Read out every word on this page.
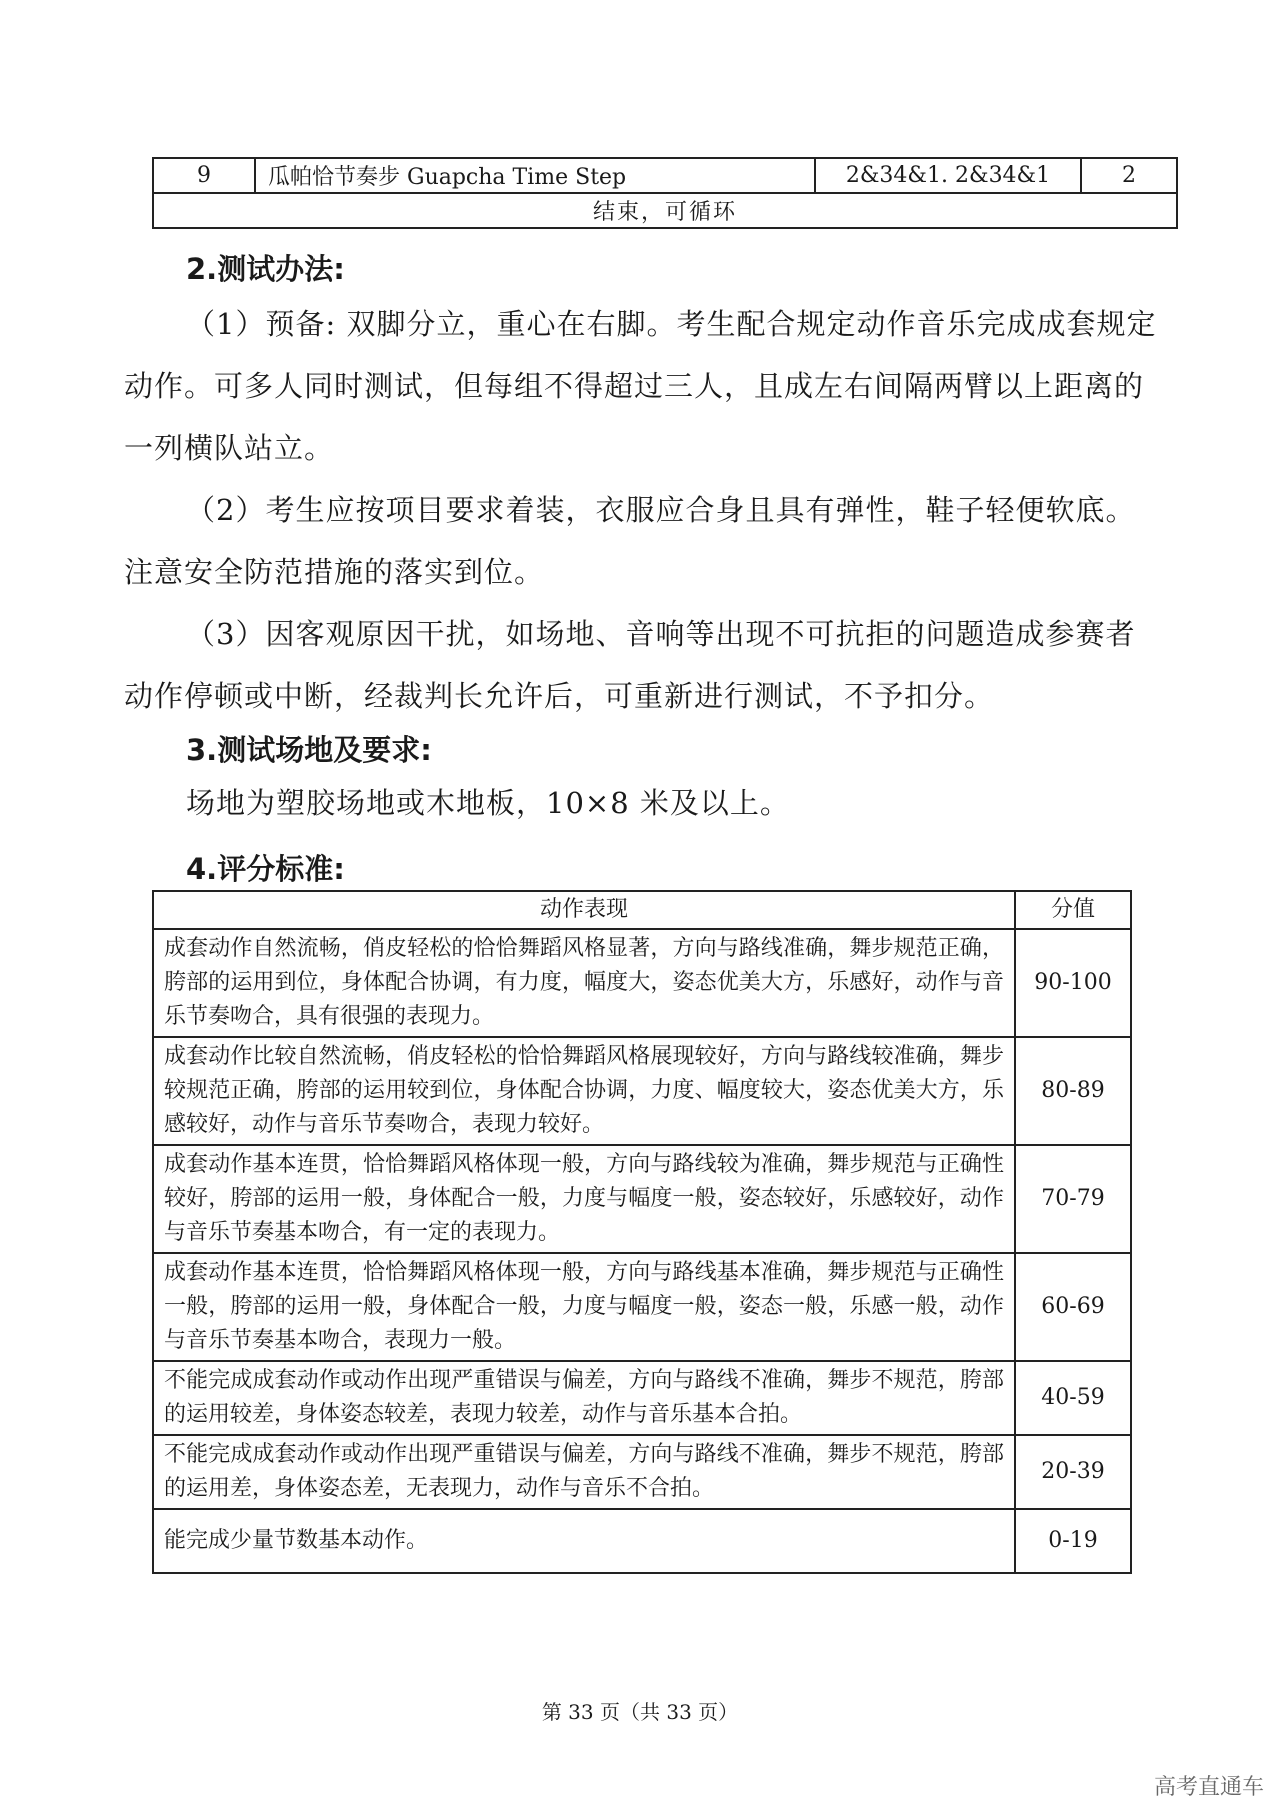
9	瓜帕恰节奏步 Guapcha Time Step	2&34&1. 2&34&1	2
结束，可循环
2.测试办法:
（1）预备: 双脚分立，重心在右脚。考生配合规定动作音乐完成成套规定动作。可多人同时测试，但每组不得超过三人，且成左右间隔两臂以上距离的一列横队站立。
（2）考生应按项目要求着装，衣服应合身且具有弹性，鞋子轻便软底。注意安全防范措施的落实到位。
（3）因客观原因干扰，如场地、音响等出现不可抗拒的问题造成参赛者动作停顿或中断，经裁判长允许后，可重新进行测试，不予扣分。
3.测试场地及要求:
场地为塑胶场地或木地板，10×8 米及以上。
4.评分标准:
动作表现	分值
成套动作自然流畅，俏皮轻松的恰恰舞蹈风格显著，方向与路线准确，舞步规范正确，胯部的运用到位，身体配合协调，有力度，幅度大，姿态优美大方，乐感好，动作与音乐节奏吻合，具有很强的表现力。	90-100
成套动作比较自然流畅，俏皮轻松的恰恰舞蹈风格展现较好，方向与路线较准确，舞步较规范正确，胯部的运用较到位，身体配合协调，力度、幅度较大，姿态优美大方，乐感较好，动作与音乐节奏吻合，表现力较好。	80-89
成套动作基本连贯，恰恰舞蹈风格体现一般，方向与路线较为准确，舞步规范与正确性较好，胯部的运用一般，身体配合一般，力度与幅度一般，姿态较好，乐感较好，动作与音乐节奏基本吻合，有一定的表现力。	70-79
成套动作基本连贯，恰恰舞蹈风格体现一般，方向与路线基本准确，舞步规范与正确性一般，胯部的运用一般，身体配合一般，力度与幅度一般，姿态一般，乐感一般，动作与音乐节奏基本吻合，表现力一般。	60-69
不能完成成套动作或动作出现严重错误与偏差，方向与路线不准确，舞步不规范，胯部的运用较差，身体姿态较差，表现力较差，动作与音乐基本合拍。	40-59
不能完成成套动作或动作出现严重错误与偏差，方向与路线不准确，舞步不规范，胯部的运用差，身体姿态差，无表现力，动作与音乐不合拍。	20-39
能完成少量节数基本动作。	0-19
第 33 页（共 33 页）
高考直通车
